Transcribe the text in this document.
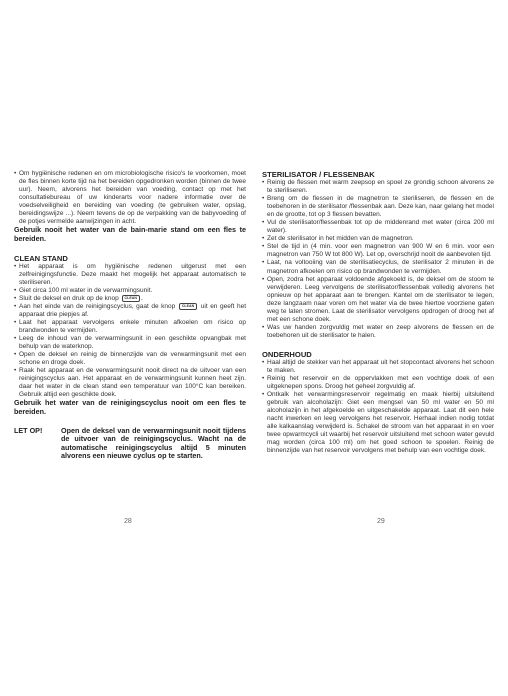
• Om hygiënische redenen en om microbiologische risico's te voorkomen, moet de fles binnen korte tijd na het bereiden opgedronken worden (binnen de twee uur). Neem, alvorens het bereiden van voeding, contact op met het consultatiebureau of uw kinderarts voor nadere informatie over de voedselveiligheid en bereiding van voeding (te gebruiken water, opslag, bereidingswijze ...). Neem tevens de op de verpakking van de babyvoeding of de potjes vermelde aanwijzingen in acht.

Gebruik nooit het water van de bain-marie stand om een fles te bereiden.

CLEAN STAND

• Het apparaat is om hygiënische redenen uitgerust met een zelfreinigingsfunctie. Deze maakt het mogelijk het apparaat automatisch te steriliseren.

• Giet circa 100 ml water in de verwarmingsunit.

• Sluit de deksel en druk op de knop CLEAN .

• Aan het einde van de reinigingscyclus, gaat de knop CLEAN uit en geeft het apparaat drie piepjes af.

• Laat het apparaat vervolgens enkele minuten afkoelen om risico op brandwonden te vermijden.

• Leeg de inhoud van de verwarmingsunit in een geschikte opvangbak met behulp van de waterknop.

• Open de deksel en reinig de binnenzijde van de verwarmingsunit met een schone en droge doek.

• Raak het apparaat en de verwarmingsunit nooit direct na de uitvoer van een reinigingscyclus aan. Het apparaat en de verwarmingsunit kunnen heet zijn. daar het water in de clean stand een temperatuur van 100°C kan bereiken. Gebruik altijd een geschikte doek.

Gebruik het water van de reinigingscyclus nooit om een fles te bereiden.

LET OP!	Open de deksel van de verwarmingsunit nooit tijdens de uitvoer van de reinigingscyclus. Wacht na de automatische reinigingscyclus altijd 5 minuten alvorens een nieuwe cyclus op te starten.

STERILISATOR / FLESSENBAK

• Reinig de flessen met warm zeepsop en spoel ze grondig schoon alvorens ze te steriliseren.

• Breng om de flessen in de magnetron te steriliseren, de flessen en de toebehoren in de sterilisator /flessenbak aan. Deze kan, naar gelang het model en de grootte, tot op 3 flessen bevatten.

• Vul de sterilisator/flessenbak tot op de middenrand met water (circa 200 ml water).

• Zet de sterilisator in het midden van de magnetron.

• Stel de tijd in (4 min. voor een magnetron van 900 W en 6 min. voor een magnetron van 750 W tot 800 W). Let op, overschrijd nooit de aanbevolen tijd.

• Laat, na voltooiing van de sterilisatiecyclus, de sterilisator 2 minuten in de magnetron afkoelen om risico op brandwonden te vermijden.

• Open, zodra het apparaat voldoende afgekoeld is, de deksel om de stoom te verwijderen. Leeg vervolgens de sterilisator/flessenbak volledig alvorens het opnieuw op het apparaat aan te brengen. Kantel om de sterilisator te legen, deze langzaam naar voren om het water via de twee hiertoe voorziene gaten weg te laten stromen. Laat de sterilisator vervolgens opdrogen of droog het af met een schone doek.

• Was uw handen zorgvuldig met water en zeep alvorens de flessen en de toebehoren uit de sterilisator te halen.

ONDERHOUD

• Haal altijd de stekker van het apparaat uit het stopcontact alvorens het schoon te maken.

• Reinig het reservoir en de oppervlakken met een vochtige doek of een uitgeknepen spons. Droog het geheel zorgvuldig af.

• Ontkalk het verwarmingsreservoir regelmatig en maak hierbij uitsluitend gebruik van alcoholazijn: Giet een mengsel van 50 ml water en 50 ml alcoholazijn in het afgekoelde en uitgeschakelde apparaat. Laat dit een hele nacht inwerken en leeg vervolgens het reservoir. Herhaal indien nodig totdat alle kalkaanslag verwijderd is. Schakel de stroom van het apparaat in en voer twee opwarmcycli uit waarbij het reservoir uitsluitend met schoon water gevuld mag worden (circa 100 ml) om het goed schoon te spoelen. Reinig de binnenzijde van het reservoir vervolgens met behulp van een vochtige doek.

28	29
